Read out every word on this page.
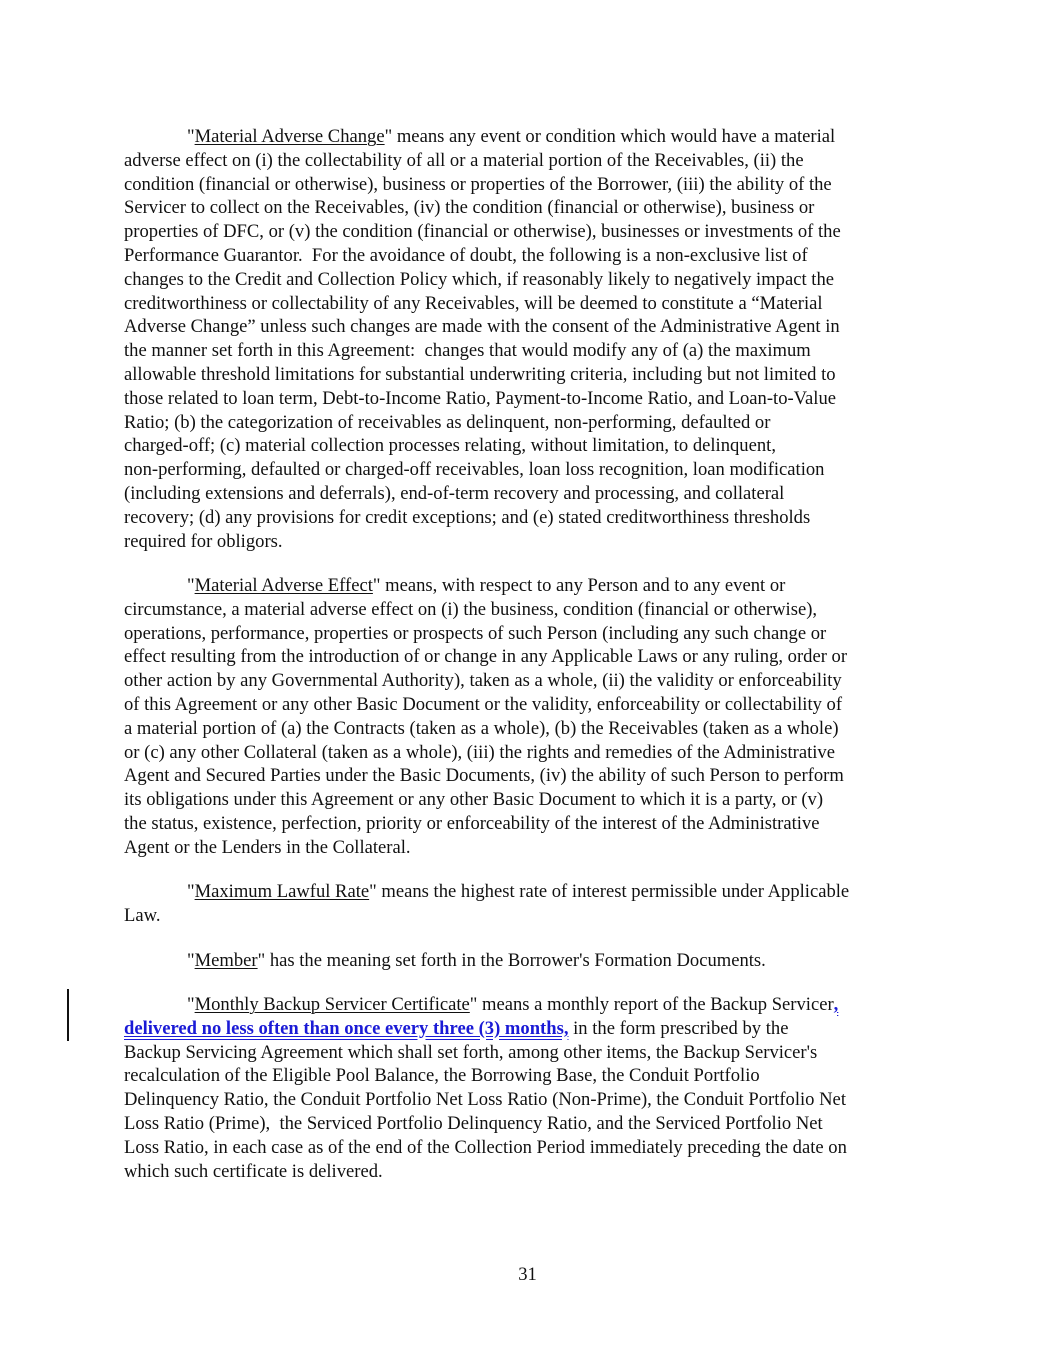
"Material Adverse Change" means any event or condition which would have a material
adverse effect on (i) the collectability of all or a material portion of the Receivables, (ii) the
condition (financial or otherwise), business or properties of the Borrower, (iii) the ability of the
Servicer to collect on the Receivables, (iv) the condition (financial or otherwise), business or
properties of DFC, or (v) the condition (financial or otherwise), businesses or investments of the
Performance Guarantor.  For the avoidance of doubt, the following is a non-exclusive list of
changes to the Credit and Collection Policy which, if reasonably likely to negatively impact the
creditworthiness or collectability of any Receivables, will be deemed to constitute a “Material
Adverse Change” unless such changes are made with the consent of the Administrative Agent in
the manner set forth in this Agreement:  changes that would modify any of (a) the maximum
allowable threshold limitations for substantial underwriting criteria, including but not limited to
those related to loan term, Debt-to-Income Ratio, Payment-to-Income Ratio, and Loan-to-Value
Ratio; (b) the categorization of receivables as delinquent, non-performing, defaulted or
charged-off; (c) material collection processes relating, without limitation, to delinquent,
non-performing, defaulted or charged-off receivables, loan loss recognition, loan modification
(including extensions and deferrals), end-of-term recovery and processing, and collateral
recovery; (d) any provisions for credit exceptions; and (e) stated creditworthiness thresholds
required for obligors.
"Material Adverse Effect" means, with respect to any Person and to any event or
circumstance, a material adverse effect on (i) the business, condition (financial or otherwise),
operations, performance, properties or prospects of such Person (including any such change or
effect resulting from the introduction of or change in any Applicable Laws or any ruling, order or
other action by any Governmental Authority), taken as a whole, (ii) the validity or enforceability
of this Agreement or any other Basic Document or the validity, enforceability or collectability of
a material portion of (a) the Contracts (taken as a whole), (b) the Receivables (taken as a whole)
or (c) any other Collateral (taken as a whole), (iii) the rights and remedies of the Administrative
Agent and Secured Parties under the Basic Documents, (iv) the ability of such Person to perform
its obligations under this Agreement or any other Basic Document to which it is a party, or (v)
the status, existence, perfection, priority or enforceability of the interest of the Administrative
Agent or the Lenders in the Collateral.
"Maximum Lawful Rate" means the highest rate of interest permissible under Applicable
Law.
"Member" has the meaning set forth in the Borrower's Formation Documents.
"Monthly Backup Servicer Certificate" means a monthly report of the Backup Servicer,
delivered no less often than once every three (3) months, in the form prescribed by the
Backup Servicing Agreement which shall set forth, among other items, the Backup Servicer's
recalculation of the Eligible Pool Balance, the Borrowing Base, the Conduit Portfolio
Delinquency Ratio, the Conduit Portfolio Net Loss Ratio (Non-Prime), the Conduit Portfolio Net
Loss Ratio (Prime),  the Serviced Portfolio Delinquency Ratio, and the Serviced Portfolio Net
Loss Ratio, in each case as of the end of the Collection Period immediately preceding the date on
which such certificate is delivered.
31
